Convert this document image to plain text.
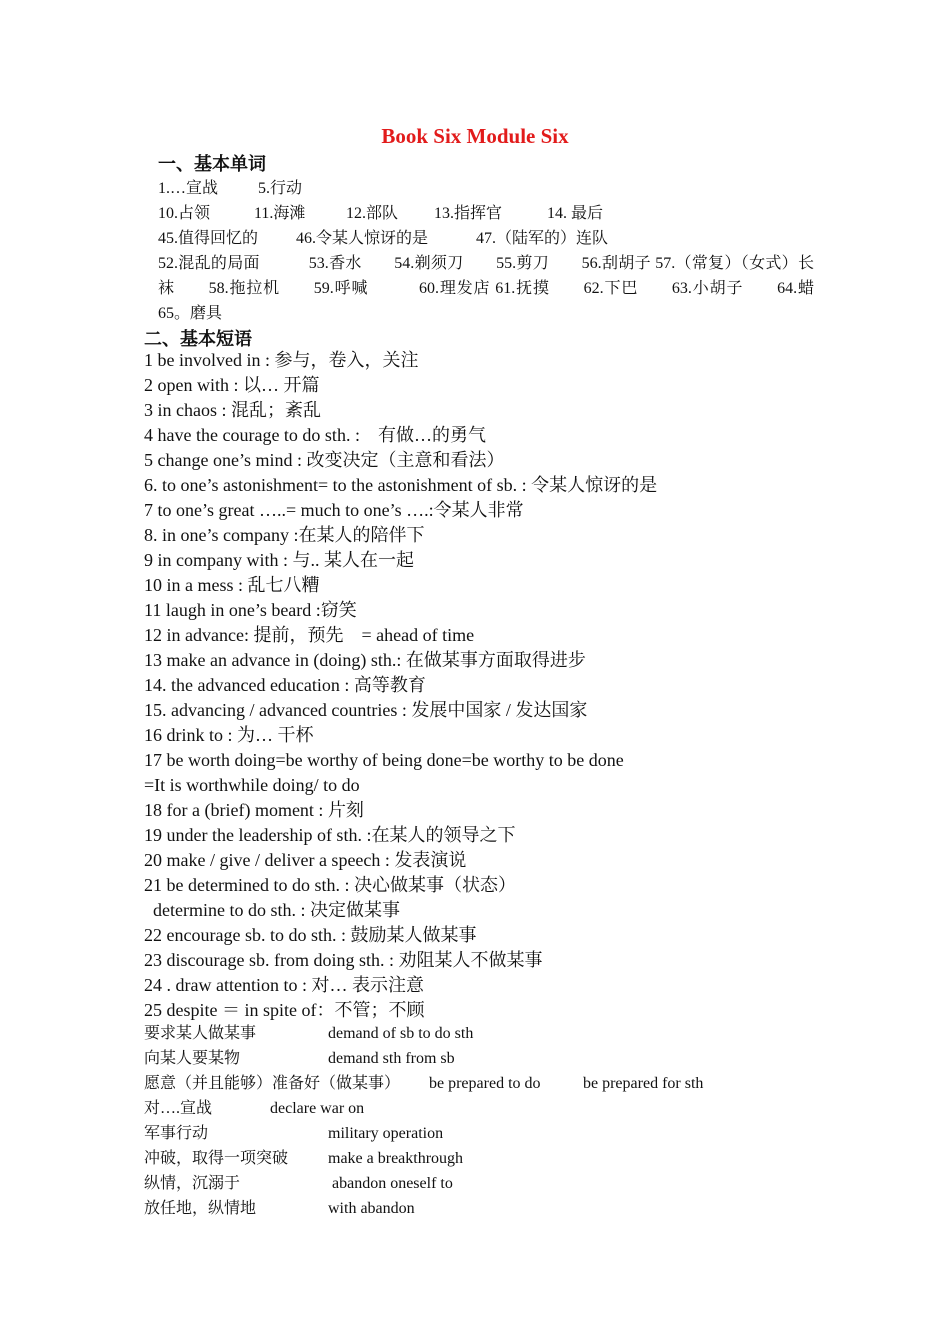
Book Six Module Six
一、基本单词
1.…宣战 5.行动
10.占领	11.海滩	12.部队 13.指挥官	14. 最后
45.值得回忆的 46.令某人惊讶的是	47.（陆军的）连队
52.混乱的局面　　　53.香水　　54.剃须刀　　55.剪刀　　56.刮胡子 57.（常复）（女式）长袜　　58.拖拉机　　59.呼喊　　　60.理发店 61.抚摸　　62.下巴　　63.小胡子　　64.蜡　　65。磨具
二、基本短语
1 be involved in : 参与，卷入，关注
2 open with : 以… 开篇
3 in chaos : 混乱；紊乱
4 have the courage to do sth. :　有做…的勇气
5 change one’s mind : 改变决定（主意和看法）
6. to one’s astonishment= to the astonishment of sb. : 令某人惊讶的是
7 to one’s great …..= much to one’s ….:令某人非常
8. in one’s company :在某人的陪伴下
9 in company with : 与.. 某人在一起
10 in a mess : 乱七八糟
11 laugh in one’s beard :窃笑
12 in advance: 提前，预先　= ahead of time
13 make an advance in (doing) sth.: 在做某事方面取得进步
14. the advanced education : 高等教育
15. advancing / advanced countries : 发展中国家 / 发达国家
16 drink to : 为… 干杯
17 be worth doing=be worthy of being done=be worthy to be done
=It is worthwhile doing/ to do
18 for a (brief) moment : 片刻
19 under the leadership of sth. :在某人的领导之下
20 make / give / deliver a speech : 发表演说
21 be determined to do sth. : 决心做某事（状态）
determine to do sth. : 决定做某事
22 encourage sb. to do sth. : 鼓励某人做某事
23 discourage sb. from doing sth. : 劝阻某人不做某事
24 . draw attention to : 对… 表示注意
25 despite ＝ in spite of：不管；不顾
要求某人做某事	demand of sb to do sth
向某人要某物	demand sth from sb
愿意（并且能够）准备好（做某事） be prepared to do	be prepared for sth
对….宣战	declare war on
军事行动	military operation
冲破，取得一项突破 make a breakthrough
纵情，沉溺于	abandon oneself to
放任地，纵情地	with abandon
